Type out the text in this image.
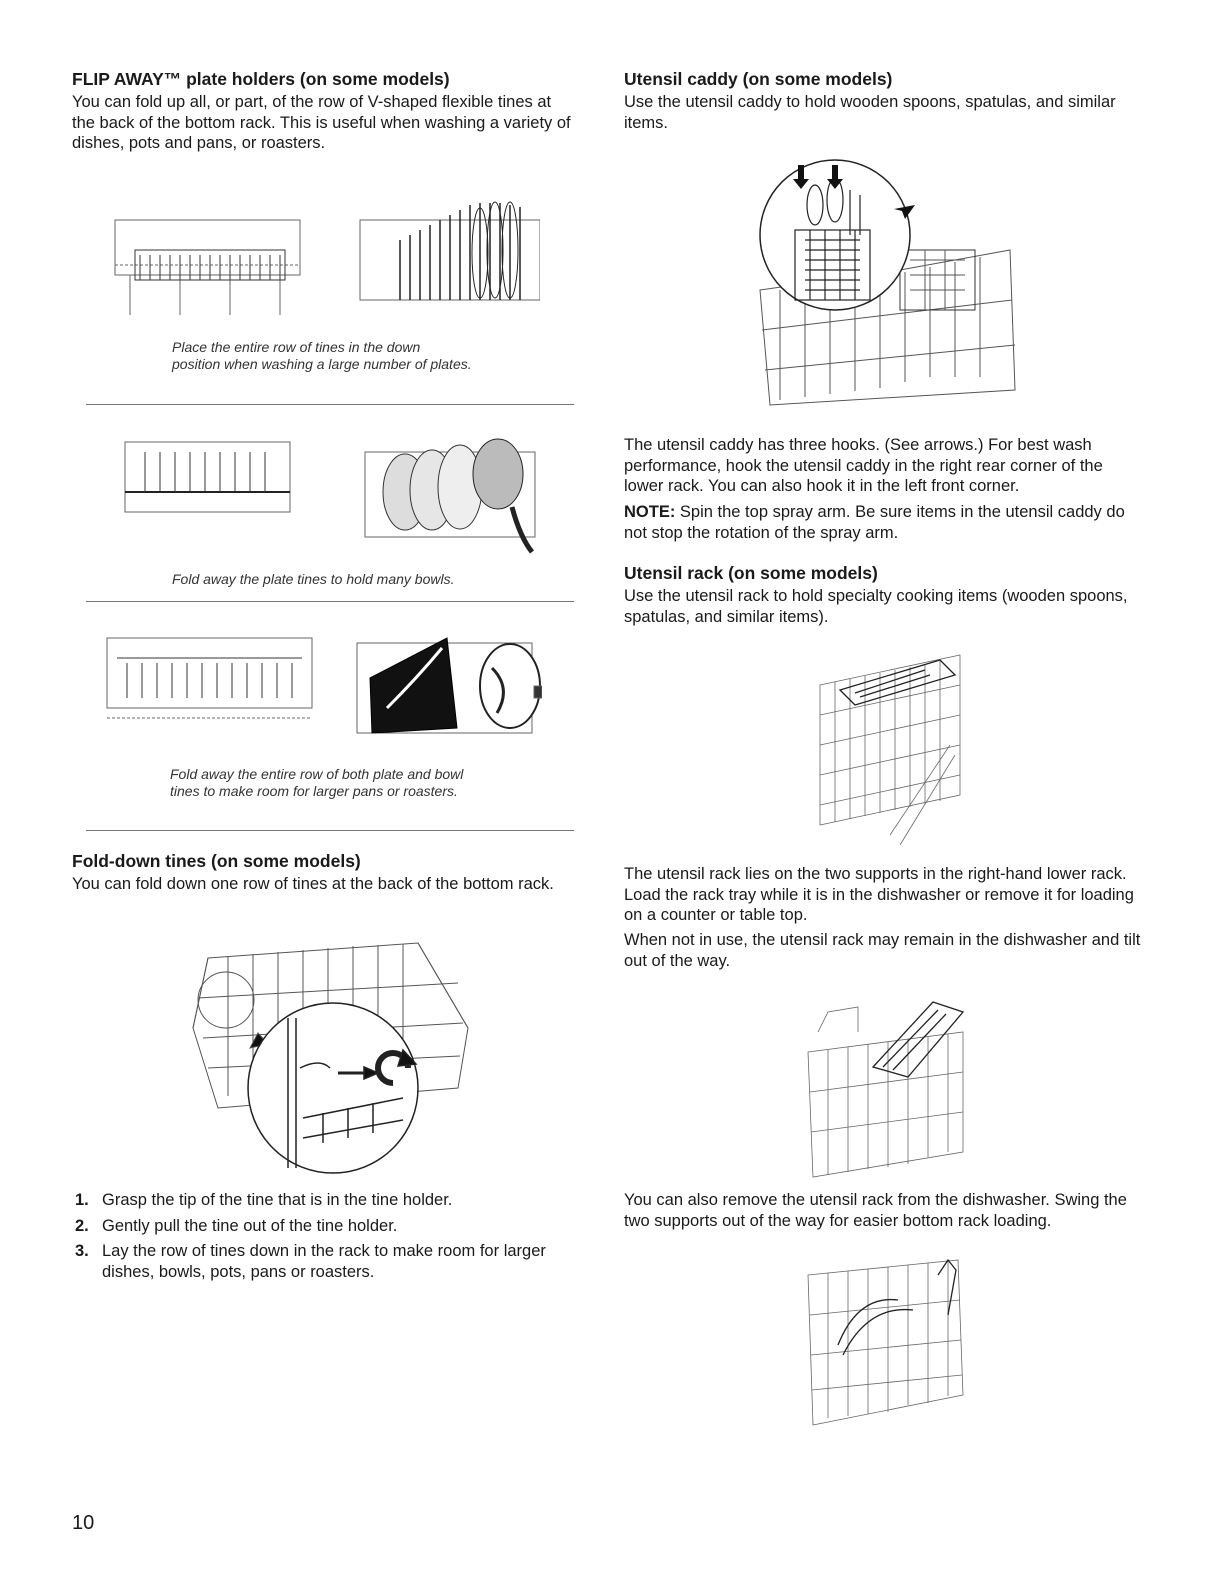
FLIP AWAY™ plate holders (on some models)

You can fold up all, or part, of the row of V-shaped flexible tines at the back of the bottom rack. This is useful when washing a variety of dishes, pots and pans, or roasters.

Place the entire row of tines in the down position when washing a large number of plates.
Fold away the plate tines to hold many bowls.
Fold away the entire row of both plate and bowl tines to make room for larger pans or roasters.
Fold-down tines (on some models)

You can fold down one row of tines at the back of the bottom rack.

1. Grasp the tip of the tine that is in the tine holder.
2. Gently pull the tine out of the tine holder.
3. Lay the row of tines down in the rack to make room for larger dishes, bowls, pots, pans or roasters.
Utensil caddy (on some models)

Use the utensil caddy to hold wooden spoons, spatulas, and similar items.

The utensil caddy has three hooks. (See arrows.) For best wash performance, hook the utensil caddy in the right rear corner of the lower rack. You can also hook it in the left front corner.

NOTE: Spin the top spray arm. Be sure items in the utensil caddy do not stop the rotation of the spray arm.

Utensil rack (on some models)

Use the utensil rack to hold specialty cooking items (wooden spoons, spatulas, and similar items).

The utensil rack lies on the two supports in the right-hand lower rack. Load the rack tray while it is in the dishwasher or remove it for loading on a counter or table top.

When not in use, the utensil rack may remain in the dishwasher and tilt out of the way.

You can also remove the utensil rack from the dishwasher. Swing the two supports out of the way for easier bottom rack loading.

10
